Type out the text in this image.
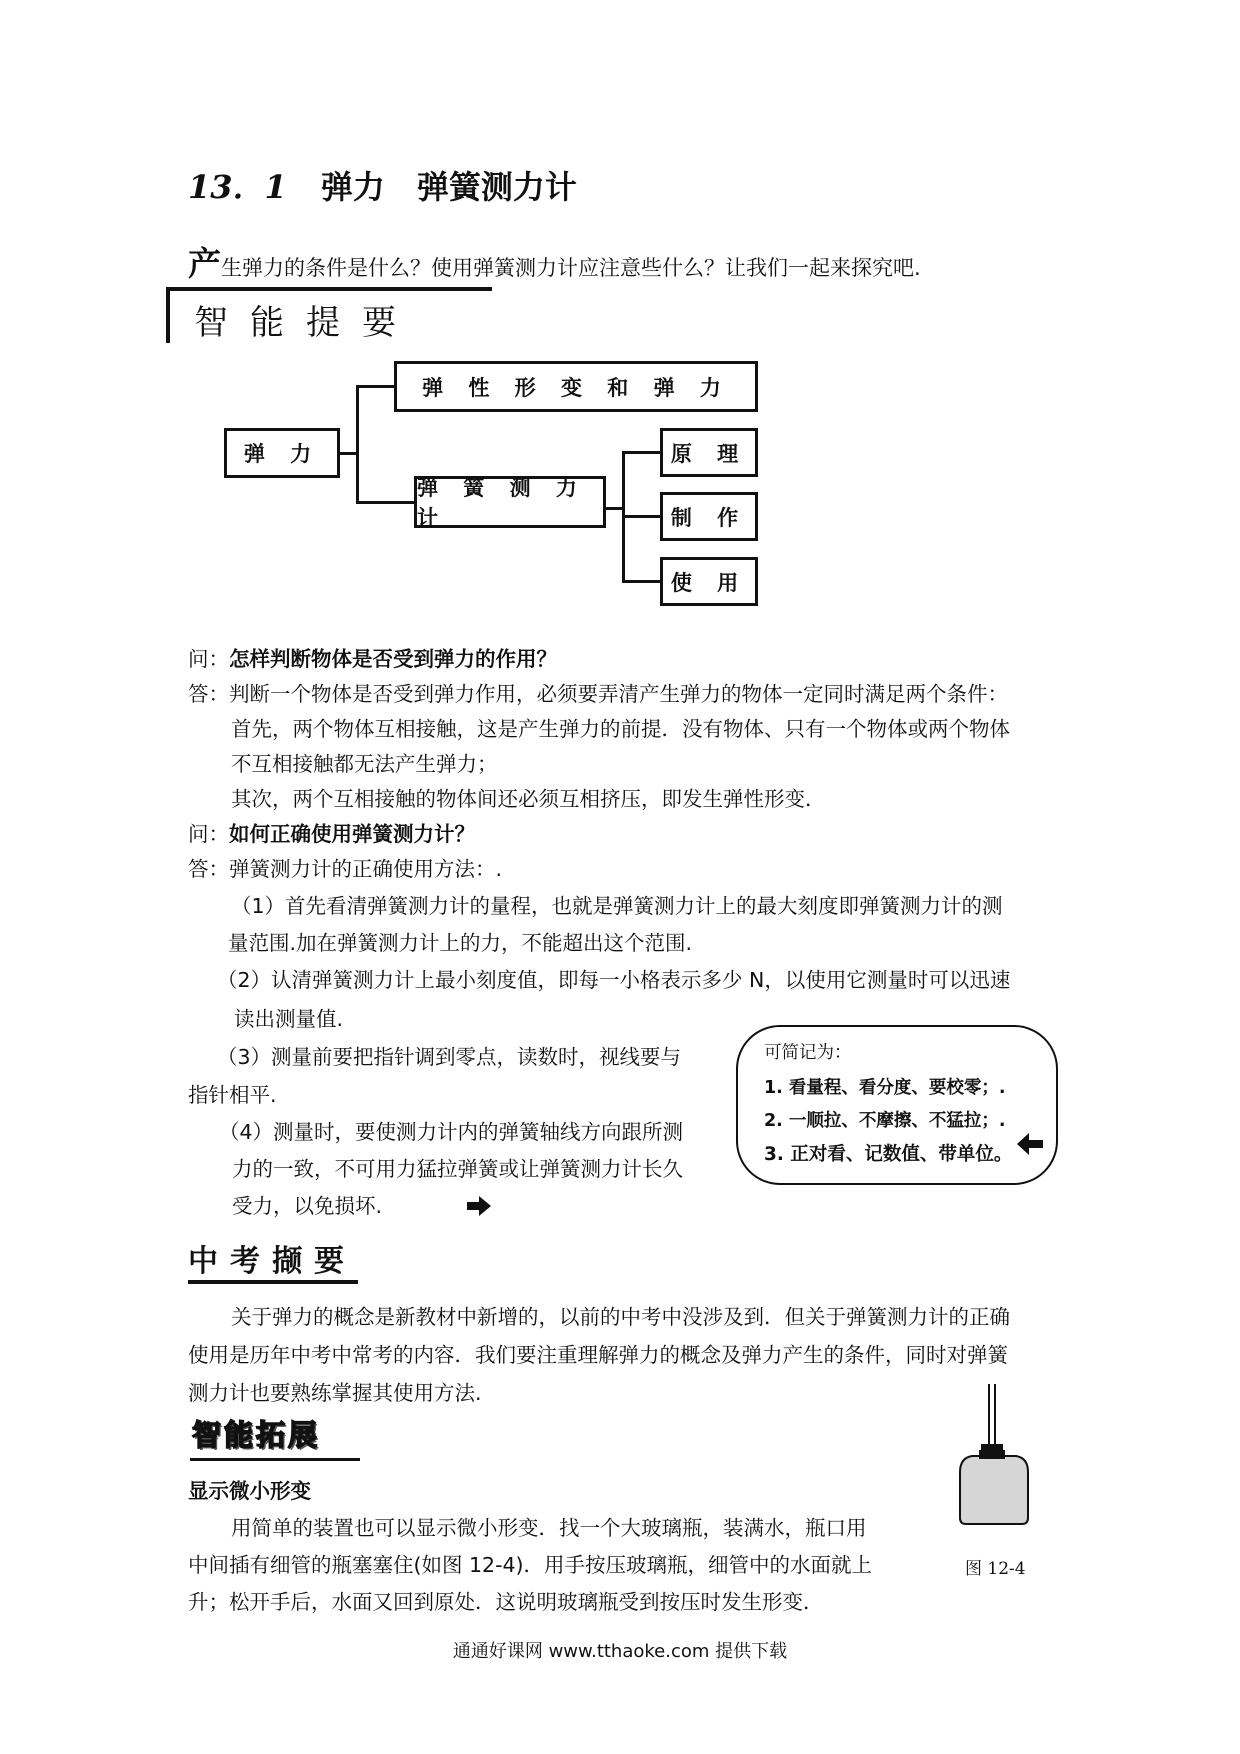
13．1 弹力 弹簧测力计
产生弹力的条件是什么？使用弹簧测力计应注意些什么？让我们一起来探究吧.
智能提要
弹 力
弹 性 形 变 和 弹 力
弹 簧 测 力 计
原 理
制 作
使 用
问：怎样判断物体是否受到弹力的作用？
答：判断一个物体是否受到弹力作用，必须要弄清产生弹力的物体一定同时满足两个条件：
首先，两个物体互相接触，这是产生弹力的前提．没有物体、只有一个物体或两个物体
不互相接触都无法产生弹力；
其次，两个互相接触的物体间还必须互相挤压，即发生弹性形变．
问：如何正确使用弹簧测力计？
答：弹簧测力计的正确使用方法：.
（1）首先看清弹簧测力计的量程，也就是弹簧测力计上的最大刻度即弹簧测力计的测
量范围.加在弹簧测力计上的力，不能超出这个范围.
（2）认清弹簧测力计上最小刻度值，即每一小格表示多少 N，以使用它测量时可以迅速
读出测量值.
（3）测量前要把指针调到零点，读数时，视线要与
指针相平.
（4）测量时，要使测力计内的弹簧轴线方向跟所测
力的一致，不可用力猛拉弹簧或让弹簧测力计长久
受力，以免损坏.
可简记为：
1. 看量程、看分度、要校零；.
2. 一顺拉、不摩擦、不猛拉；.
3. 正对看、记数值、带单位。
中考撷要
关于弹力的概念是新教材中新增的，以前的中考中没涉及到．但关于弹簧测力计的正确
使用是历年中考中常考的内容．我们要注重理解弹力的概念及弹力产生的条件，同时对弹簧
测力计也要熟练掌握其使用方法.
智 能 拓 展
显示微小形变
用简单的装置也可以显示微小形变．找一个大玻璃瓶，装满水，瓶口用
中间插有细管的瓶塞塞住(如图 12-4)．用手按压玻璃瓶，细管中的水面就上
升；松开手后，水面又回到原处．这说明玻璃瓶受到按压时发生形变．
图 12-4
通通好课网 www.tthaoke.com 提供下载
